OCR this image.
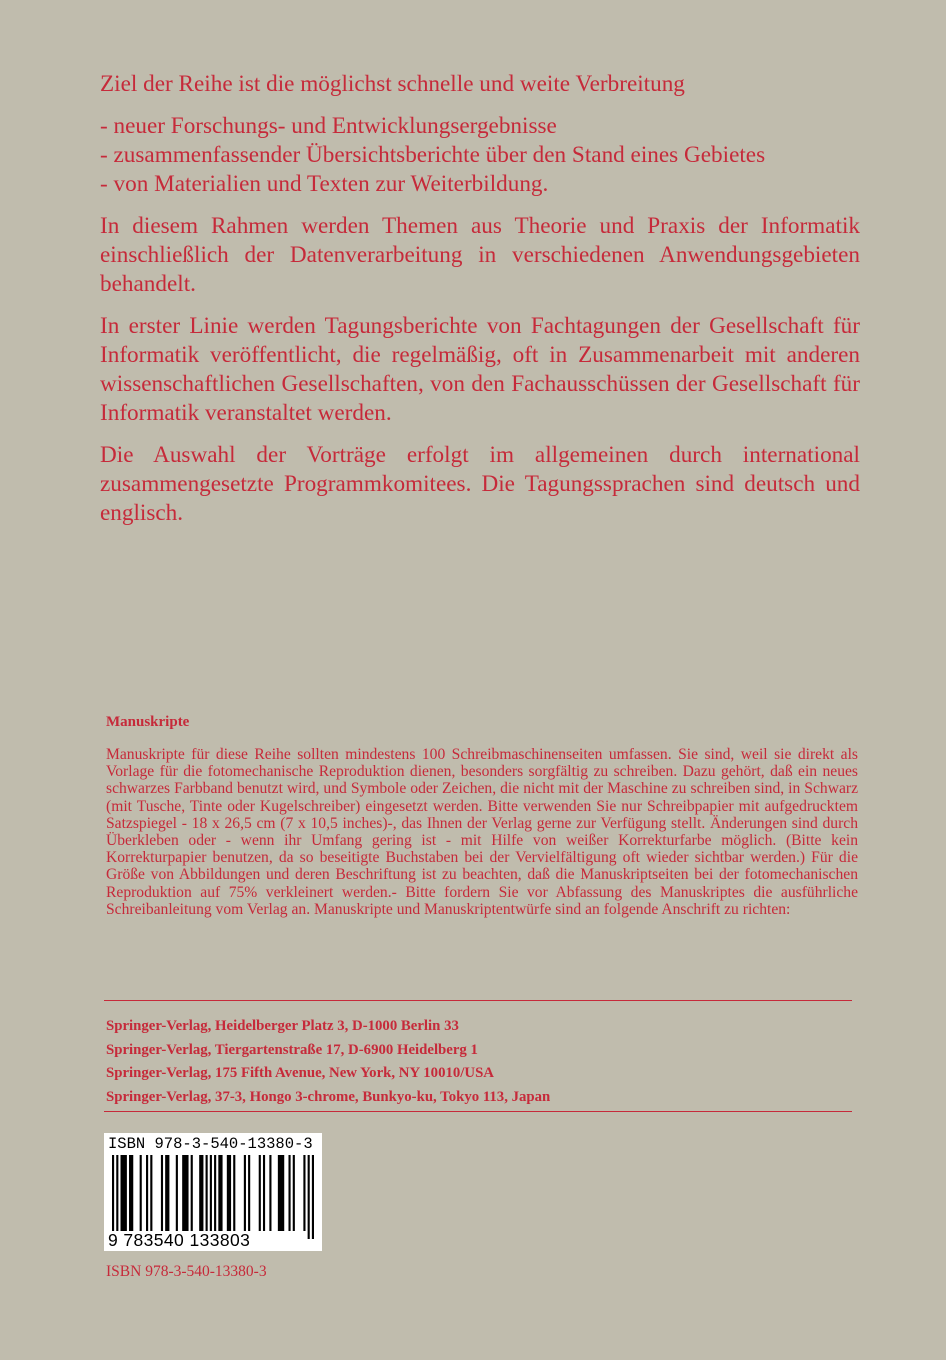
Ziel der Reihe ist die möglichst schnelle und weite Verbreitung

- neuer Forschungs- und Entwicklungsergebnisse
- zusammenfassender Übersichtsberichte über den Stand eines Gebietes
- von Materialien und Texten zur Weiterbildung.

In diesem Rahmen werden Themen aus Theorie und Praxis der Informatik einschließlich der Datenverarbeitung in verschiedenen Anwendungsgebieten behandelt.

In erster Linie werden Tagungsberichte von Fachtagungen der Gesellschaft für Informatik veröffentlicht, die regelmäßig, oft in Zusammenarbeit mit anderen wissenschaftlichen Gesellschaften, von den Fachausschüssen der Gesellschaft für Informatik veranstaltet werden.

Die Auswahl der Vorträge erfolgt im allgemeinen durch international zusammengesetzte Programmkomitees. Die Tagungssprachen sind deutsch und englisch.

Manuskripte

Manuskripte für diese Reihe sollten mindestens 100 Schreibmaschinenseiten umfassen. Sie sind, weil sie direkt als Vorlage für die fotomechanische Reproduktion dienen, besonders sorgfältig zu schreiben. Dazu gehört, daß ein neues schwarzes Farbband benutzt wird, und Symbole oder Zeichen, die nicht mit der Maschine zu schreiben sind, in Schwarz (mit Tusche, Tinte oder Kugelschreiber) eingesetzt werden. Bitte verwenden Sie nur Schreibpapier mit aufgedrucktem Satzspiegel - 18 x 26,5 cm (7 x 10,5 inches)-, das Ihnen der Verlag gerne zur Verfügung stellt. Änderungen sind durch Überkleben oder - wenn ihr Umfang gering ist - mit Hilfe von weißer Korrekturfarbe möglich. (Bitte kein Korrekturpapier benutzen, da so beseitigte Buchstaben bei der Vervielfältigung oft wieder sichtbar werden.) Für die Größe von Abbildungen und deren Beschriftung ist zu beachten, daß die Manuskriptseiten bei der fotomechanischen Reproduktion auf 75% verkleinert werden.- Bitte fordern Sie vor Abfassung des Manuskriptes die ausführliche Schreibanleitung vom Verlag an. Manuskripte und Manuskriptentwürfe sind an folgende Anschrift zu richten:

Springer-Verlag, Heidelberger Platz 3, D-1000 Berlin 33
Springer-Verlag, Tiergartenstraße 17, D-6900 Heidelberg 1
Springer-Verlag, 175 Fifth Avenue, New York, NY 10010/USA
Springer-Verlag, 37-3, Hongo 3-chrome, Bunkyo-ku, Tokyo 113, Japan
ISBN 978-3-540-13380-3
9 783540 133803
ISBN 978-3-540-13380-3
